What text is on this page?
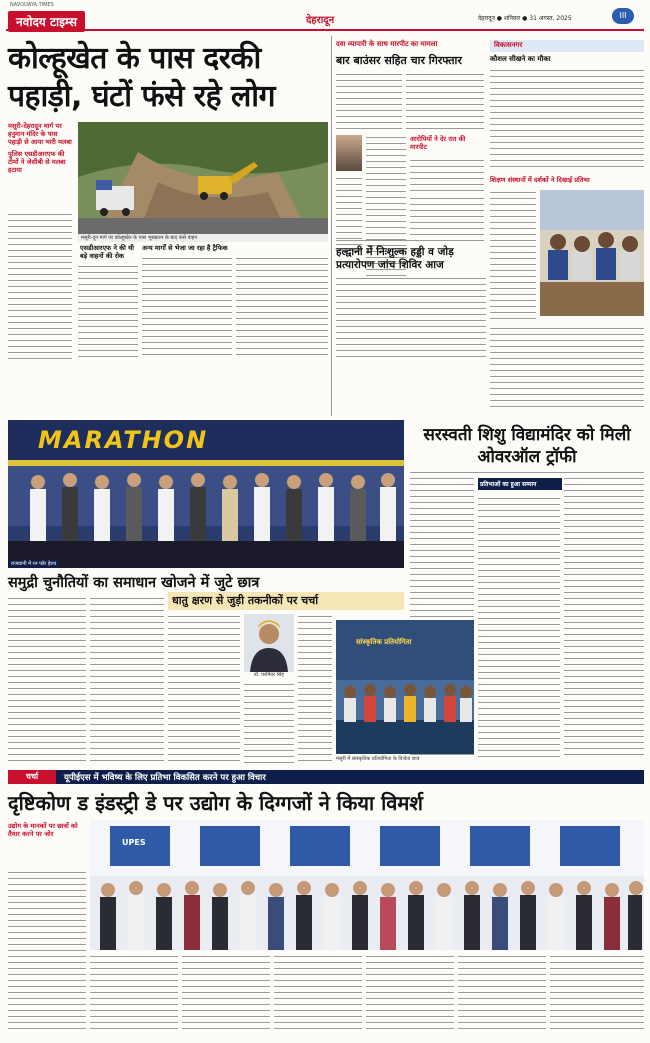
NAVODAYA TIMES
नवोदय टाइम्स	देहरादून	देहरादून ● शनिवार ● 31 अगस्त, 2025	III
कोल्हूखेत के पास दरकी पहाड़ी, घंटों फंसे रहे लोग
मसूरी-देहरादून मार्ग पर हनुमान मंदिर के पास पहाड़ी से आया भारी मलबा
पुलिस एसडीआरएफ की टीमों ने जेसीबी से मलबा हटाया
मसूरी-दून मार्ग पर कोल्हूखेत के पास भूस्खलन के बाद फंसे वाहन
एसडीआरएफ ने की थी बड़े वाहनों की रोक
अन्य मार्गों से भेजा जा रहा है ट्रैफिक
दवा व्यापारी के साथ मारपीट का मामला
बार बाउंसर सहित चार गिरफ्तार
आरोपियों ने देर रात की मारपीट
हल्द्वानी में निःशुल्क हड्डी व जोड़ प्रत्यारोपण जांच शिविर आज
विकासनगर
कौशल सीखने का मौका
शिक्षण संस्थानों में दर्शकों ने दिखाई प्रतिभा
MARATHON
राजधानी में रन फॉर हेल्थ
सरस्वती शिशु विद्यामंदिर को मिली ओवरऑल ट्रॉफी
प्रतिभाओं का हुआ सम्मान
सांस्कृतिक प्रतियोगिता
मसूरी में सांस्कृतिक प्रतियोगिता के विजेता छात्र
समुद्री चुनौतियों का समाधान खोजने में जुटे छात्र
धातु क्षरण से जुड़ी तकनीकों पर चर्चा
डॉ. परमिंदर सिंह
चर्चा	यूपीईएस में भविष्य के लिए प्रतिभा विकसित करने पर हुआ विचार
दृष्टिकोण ड इंडस्ट्री डे पर उद्योग के दिग्गजों ने किया विमर्श
उद्योग के मानकों पर छात्रों को तैयार करने पर जोर
UPES
